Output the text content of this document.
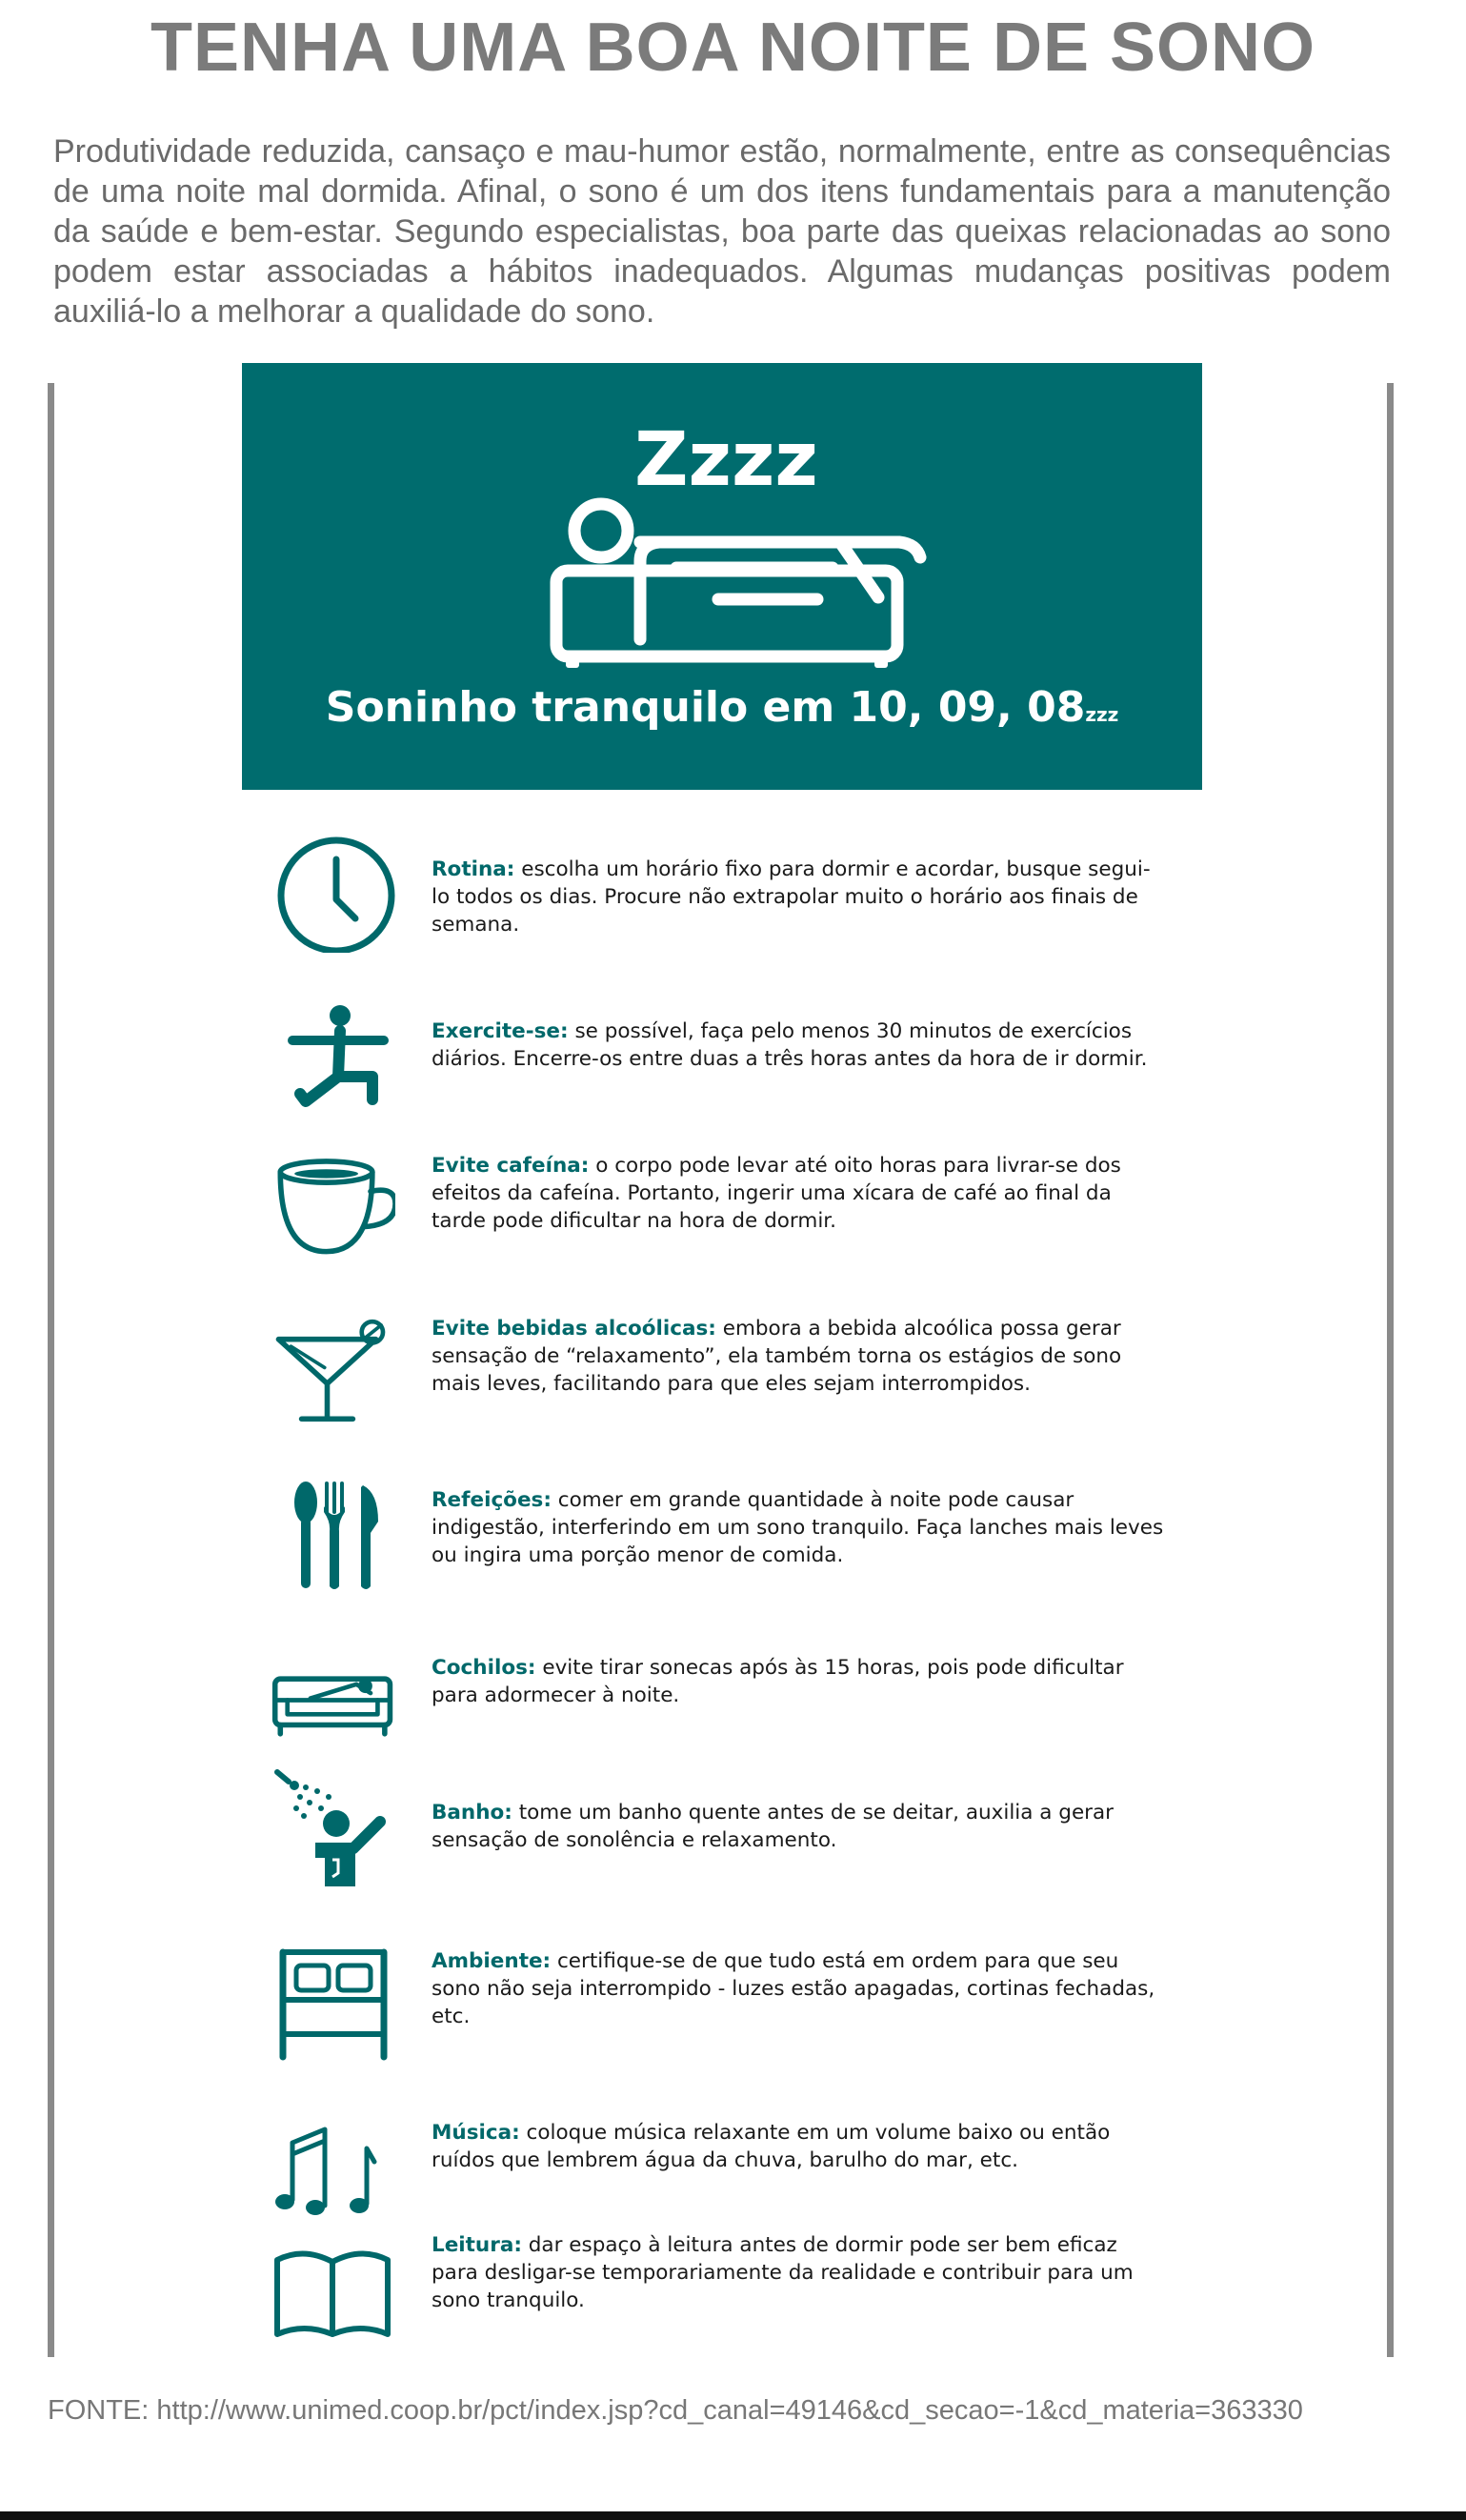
TENHA UMA BOA NOITE DE SONO

Produtividade reduzida, cansaço e mau-humor estão, normalmente, entre as consequências de uma noite mal dormida. Afinal, o sono é um dos itens fundamentais para a manutenção da saúde e bem-estar. Segundo especialistas, boa parte das queixas relacionadas ao sono podem estar associadas a hábitos inadequados. Algumas mudanças positivas podem auxiliá-lo a melhorar a qualidade do sono.

Zzzz
Soninho tranquilo em 10, 09, 08zzz

Rotina: escolha um horário fixo para dormir e acordar, busque segui-lo todos os dias. Procure não extrapolar muito o horário aos finais de semana.

Exercite-se: se possível, faça pelo menos 30 minutos de exercícios diários. Encerre-os entre duas a três horas antes da hora de ir dormir.

Evite cafeína: o corpo pode levar até oito horas para livrar-se dos efeitos da cafeína. Portanto, ingerir uma xícara de café ao final da tarde pode dificultar na hora de dormir.

Evite bebidas alcoólicas: embora a bebida alcoólica possa gerar sensação de “relaxamento”, ela também torna os estágios de sono mais leves, facilitando para que eles sejam interrompidos.

Refeições: comer em grande quantidade à noite pode causar indigestão, interferindo em um sono tranquilo. Faça lanches mais leves ou ingira uma porção menor de comida.

Cochilos: evite tirar sonecas após às 15 horas, pois pode dificultar para adormecer à noite.

Banho: tome um banho quente antes de se deitar, auxilia a gerar sensação de sonolência e relaxamento.

Ambiente: certifique-se de que tudo está em ordem para que seu sono não seja interrompido - luzes estão apagadas, cortinas fechadas, etc.

Música: coloque música relaxante em um volume baixo ou então ruídos que lembrem água da chuva, barulho do mar, etc.

Leitura: dar espaço à leitura antes de dormir pode ser bem eficaz para desligar-se temporariamente da realidade e contribuir para um sono tranquilo.

FONTE: http://www.unimed.coop.br/pct/index.jsp?cd_canal=49146&cd_secao=-1&cd_materia=363330
